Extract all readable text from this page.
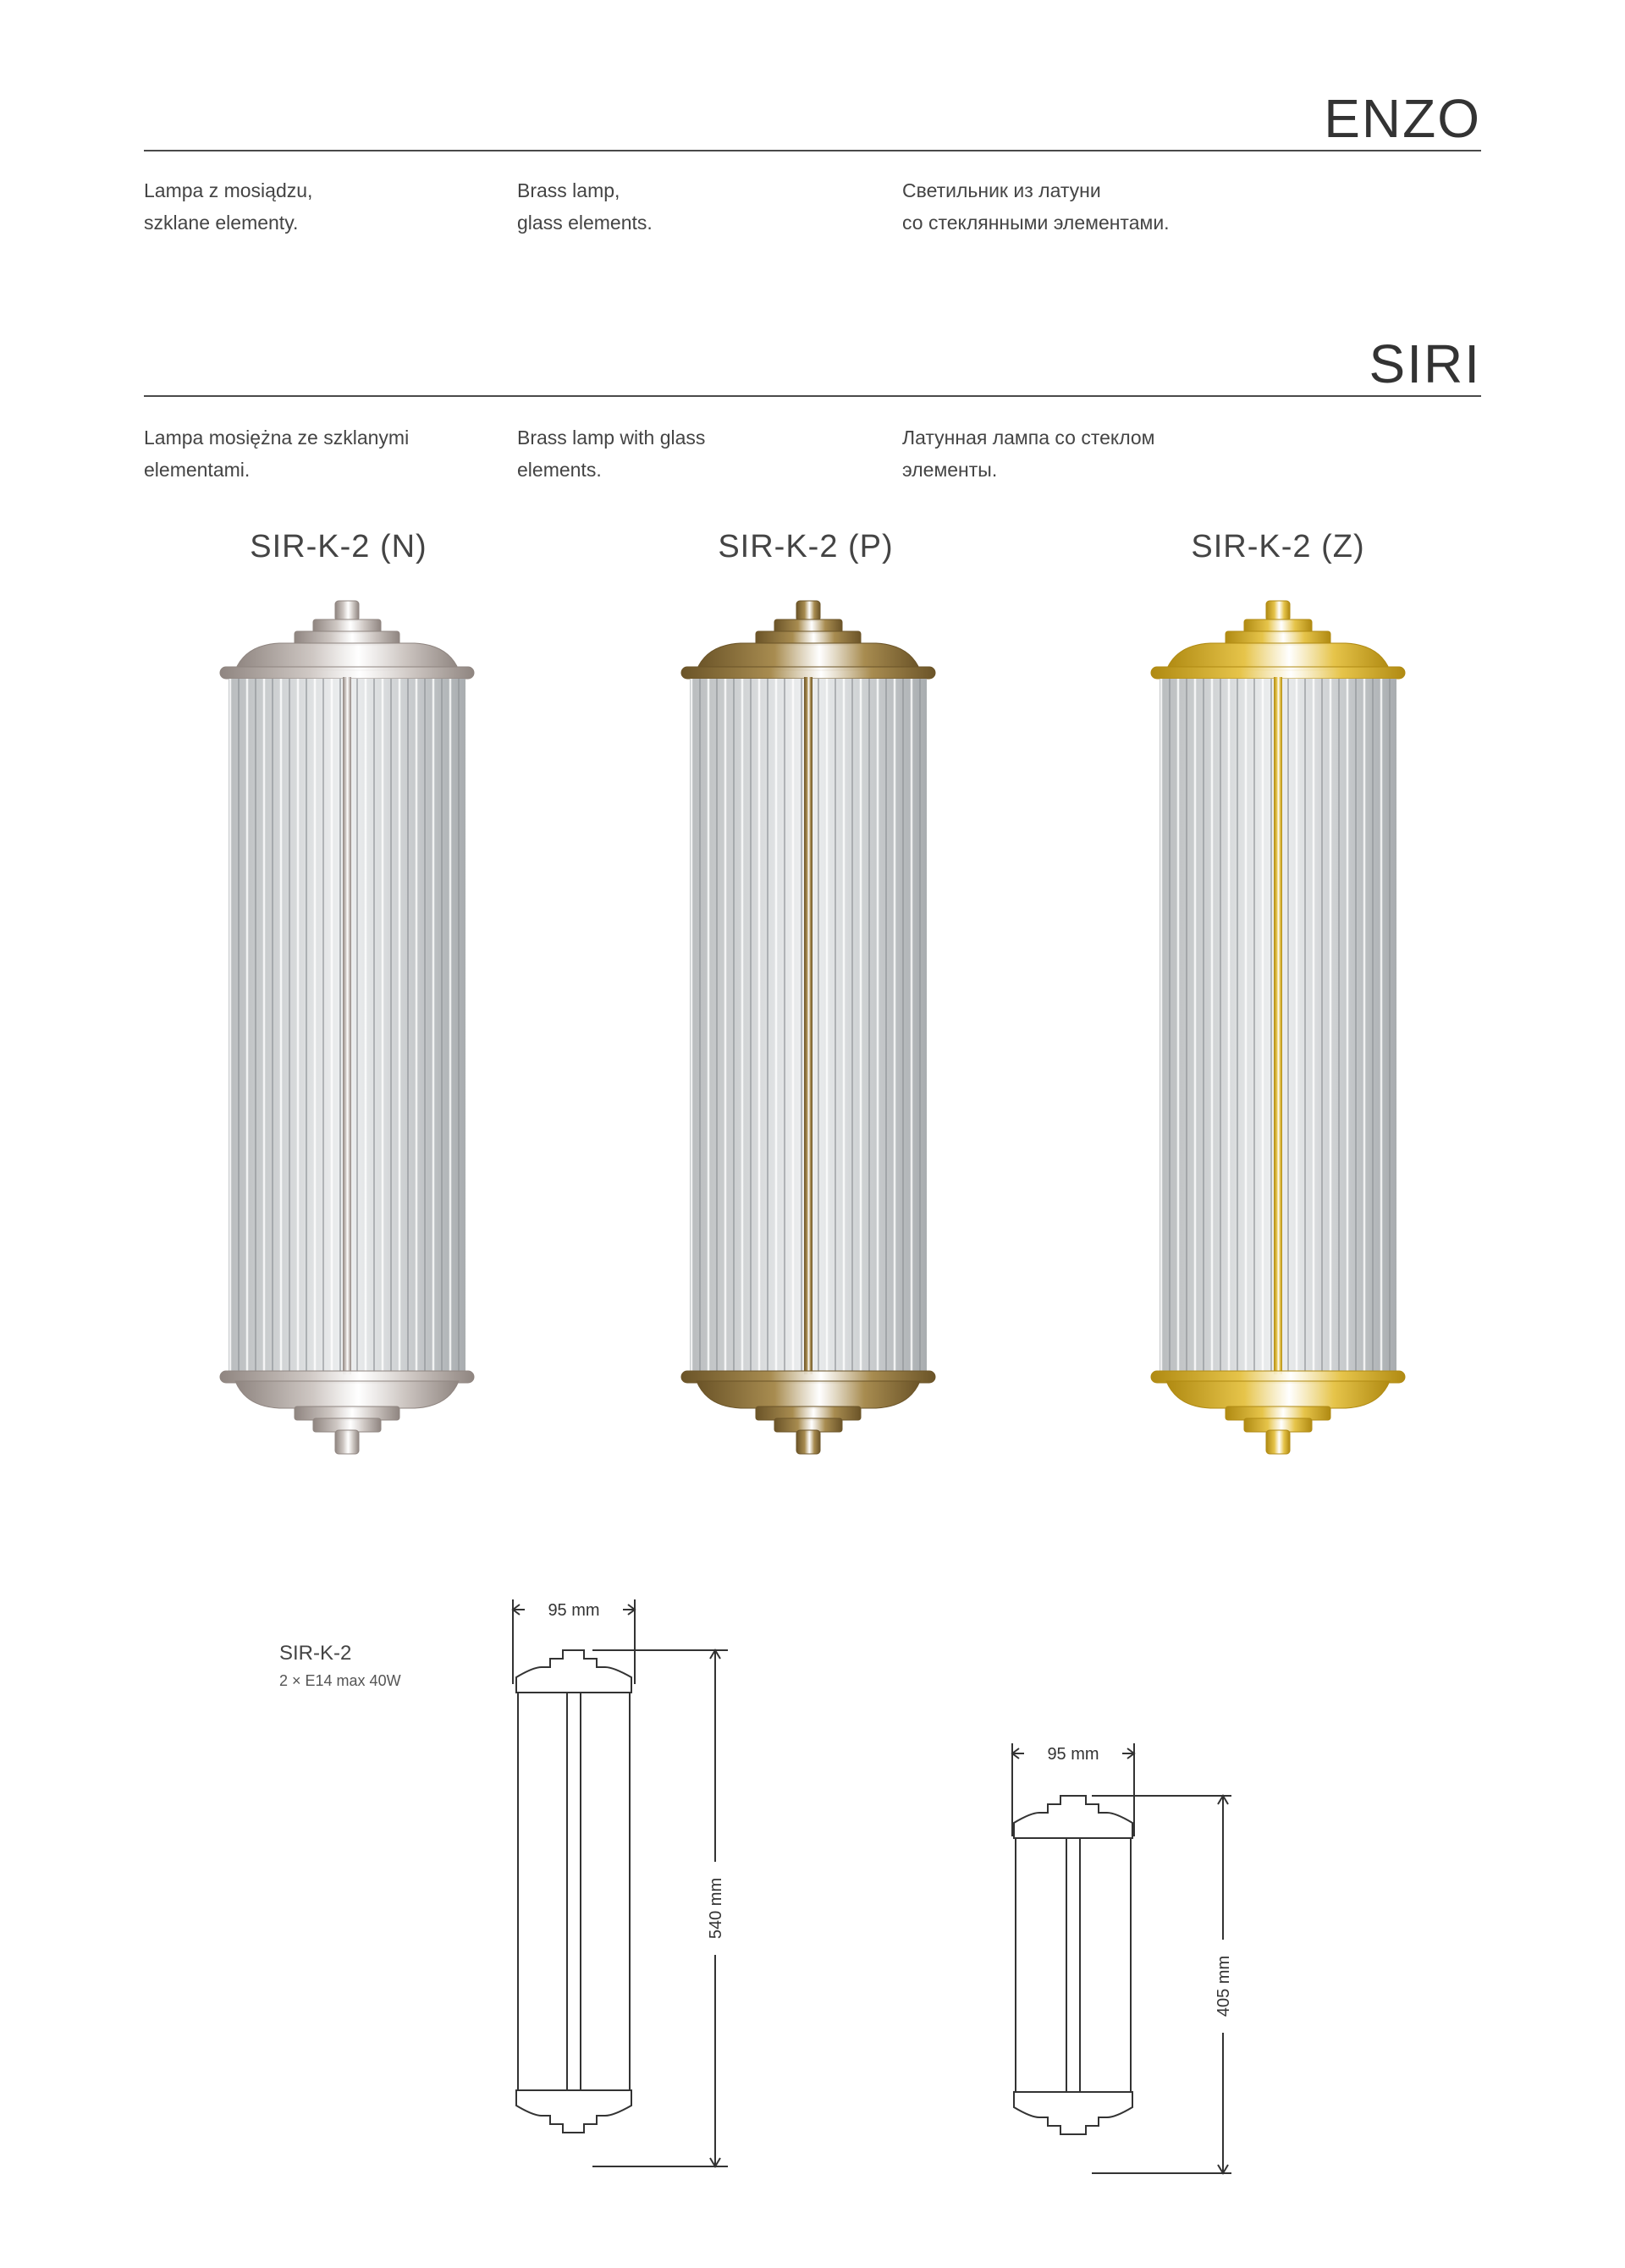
ENZO
Lampa z mosiądzu,
szklane elementy.
Brass lamp,
glass elements.
Светильник из латуни
со стеклянными элементами.
SIRI
Lampa mosiężna ze szklanymi
elementami.
Brass lamp with glass
elements.
Латунная лампа со стеклом
элементы.
SIR-K-2 (N)	SIR-K-2 (P)	SIR-K-2 (Z)
SIR-K-2
2 × E14 max 40W
95 mm
540 mm
95 mm
405 mm
